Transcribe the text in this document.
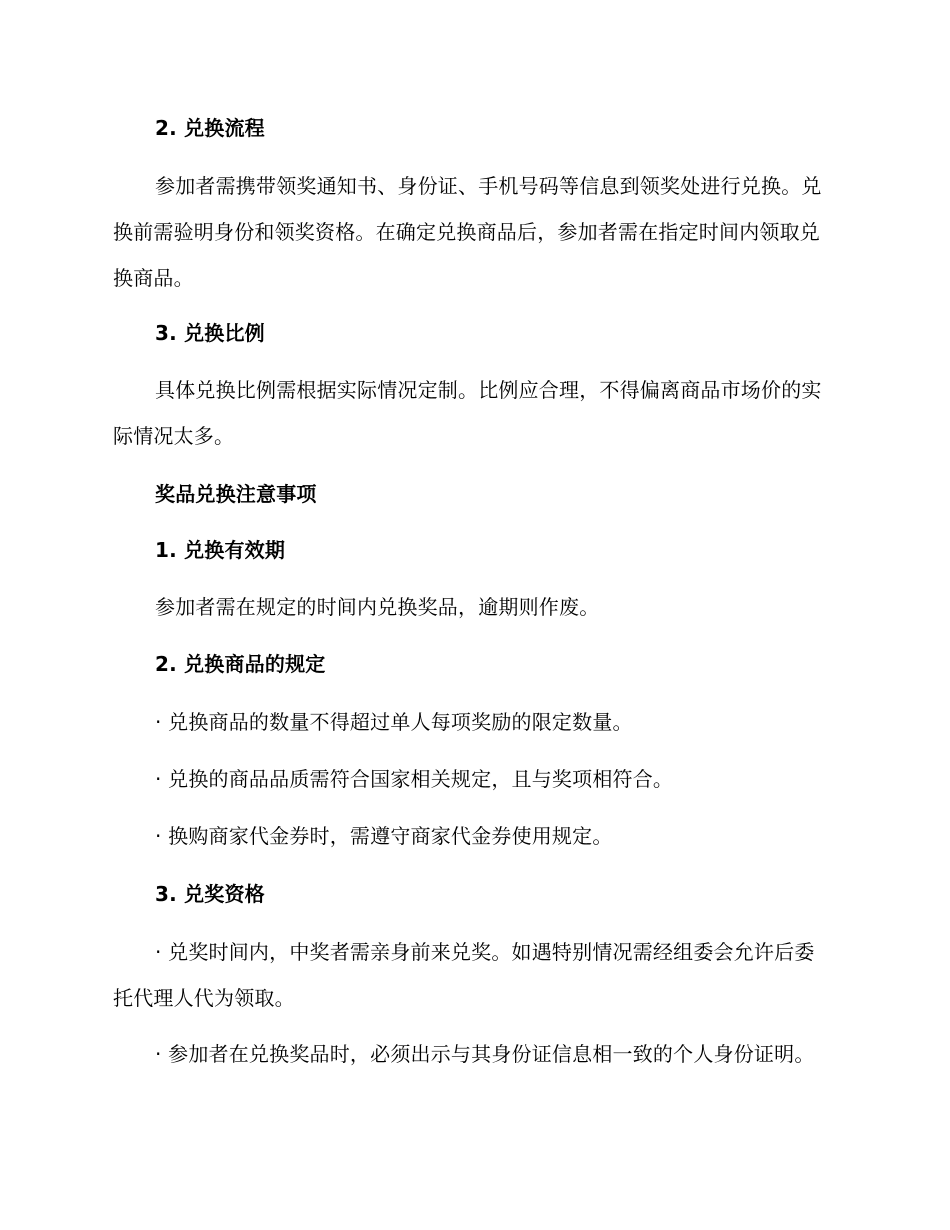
2. 兑换流程

参加者需携带领奖通知书、身份证、手机号码等信息到领奖处进行兑换。兑换前需验明身份和领奖资格。在确定兑换商品后，参加者需在指定时间内领取兑换商品。

3. 兑换比例

具体兑换比例需根据实际情况定制。比例应合理，不得偏离商品市场价的实际情况太多。

奖品兑换注意事项

1. 兑换有效期

参加者需在规定的时间内兑换奖品，逾期则作废。

2. 兑换商品的规定

· 兑换商品的数量不得超过单人每项奖励的限定数量。

· 兑换的商品品质需符合国家相关规定，且与奖项相符合。

· 换购商家代金券时，需遵守商家代金券使用规定。

3. 兑奖资格

· 兑奖时间内，中奖者需亲身前来兑奖。如遇特别情况需经组委会允许后委托代理人代为领取。

· 参加者在兑换奖品时，必须出示与其身份证信息相一致的个人身份证明。
